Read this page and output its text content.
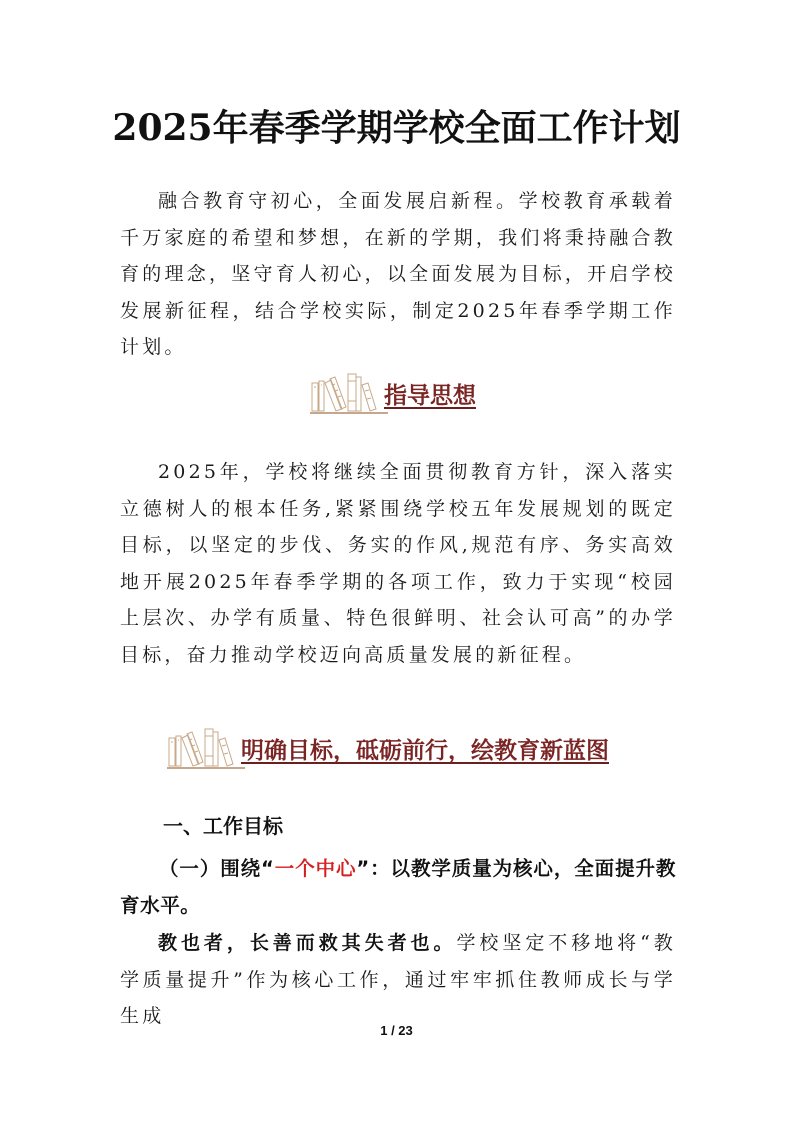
2025年春季学期学校全面工作计划

融合教育守初心，全面发展启新程。学校教育承载着千万家庭的希望和梦想，在新的学期，我们将秉持融合教育的理念，坚守育人初心，以全面发展为目标，开启学校发展新征程，结合学校实际，制定2025年春季学期工作计划。

指导思想

2025年，学校将继续全面贯彻教育方针，深入落实立德树人的根本任务,紧紧围绕学校五年发展规划的既定目标，以坚定的步伐、务实的作风,规范有序、务实高效地开展2025年春季学期的各项工作，致力于实现“校园上层次、办学有质量、特色很鲜明、社会认可高”的办学目标，奋力推动学校迈向高质量发展的新征程。

明确目标，砥砺前行，绘教育新蓝图
一、工作目标

（一）围绕“一个中心”：以教学质量为核心，全面提升教育水平。

教也者，长善而救其失者也。学校坚定不移地将“教学质量提升”作为核心工作，通过牢牢抓住教师成长与学生成

1 / 23
